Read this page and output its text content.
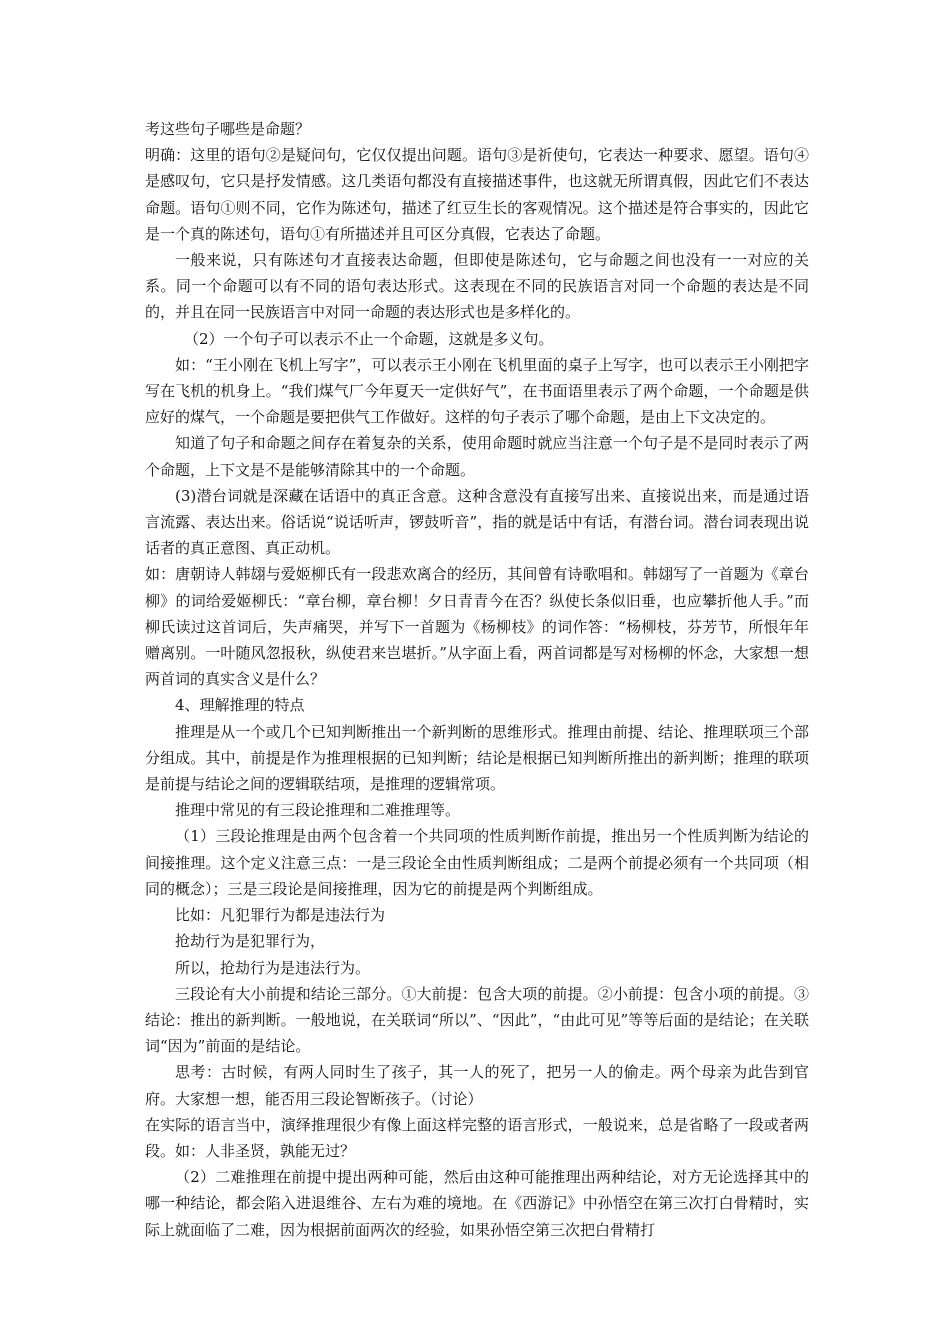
考这些句子哪些是命题？

明确：这里的语句②是疑问句，它仅仅提出问题。语句③是祈使句，它表达一种要求、愿望。语句④是感叹句，它只是抒发情感。这几类语句都没有直接描述事件，也这就无所谓真假，因此它们不表达命题。语句①则不同，它作为陈述句，描述了红豆生长的客观情况。这个描述是符合事实的，因此它是一个真的陈述句，语句①有所描述并且可区分真假，它表达了命题。

一般来说，只有陈述句才直接表达命题，但即使是陈述句，它与命题之间也没有一一对应的关系。同一个命题可以有不同的语句表达形式。这表现在不同的民族语言对同一个命题的表达是不同的，并且在同一民族语言中对同一命题的表达形式也是多样化的。

（2）一个句子可以表示不止一个命题，这就是多义句。

如：“王小刚在飞机上写字”，可以表示王小刚在飞机里面的桌子上写字，也可以表示王小刚把字写在飞机的机身上。“我们煤气厂今年夏天一定供好气”，在书面语里表示了两个命题，一个命题是供应好的煤气，一个命题是要把供气工作做好。这样的句子表示了哪个命题，是由上下文决定的。

知道了句子和命题之间存在着复杂的关系，使用命题时就应当注意一个句子是不是同时表示了两个命题，上下文是不是能够清除其中的一个命题。

(3)潜台词就是深藏在话语中的真正含意。这种含意没有直接写出来、直接说出来，而是通过语言流露、表达出来。俗话说“说话听声，锣鼓听音”，指的就是话中有话，有潜台词。潜台词表现出说话者的真正意图、真正动机。

如：唐朝诗人韩翃与爱姬柳氏有一段悲欢离合的经历，其间曾有诗歌唱和。韩翃写了一首题为《章台柳》的词给爱姬柳氏：“章台柳，章台柳！夕日青青今在否？纵使长条似旧垂，也应攀折他人手。”而柳氏读过这首词后，失声痛哭，并写下一首题为《杨柳枝》的词作答：“杨柳枝，芬芳节，所恨年年赠离别。一叶随风忽报秋，纵使君来岂堪折。”从字面上看，两首词都是写对杨柳的怀念，大家想一想两首词的真实含义是什么？

4、理解推理的特点

推理是从一个或几个已知判断推出一个新判断的思维形式。推理由前提、结论、推理联项三个部分组成。其中，前提是作为推理根据的已知判断；结论是根据已知判断所推出的新判断；推理的联项是前提与结论之间的逻辑联结项，是推理的逻辑常项。

推理中常见的有三段论推理和二难推理等。

（1）三段论推理是由两个包含着一个共同项的性质判断作前提，推出另一个性质判断为结论的间接推理。这个定义注意三点：一是三段论全由性质判断组成；二是两个前提必须有一个共同项（相同的概念）；三是三段论是间接推理，因为它的前提是两个判断组成。

比如：凡犯罪行为都是违法行为

抢劫行为是犯罪行为，

所以，抢劫行为是违法行为。

三段论有大小前提和结论三部分。①大前提：包含大项的前提。②小前提：包含小项的前提。③结论：推出的新判断。一般地说，在关联词“所以”、“因此”，“由此可见”等等后面的是结论；在关联词“因为”前面的是结论。

思考：古时候，有两人同时生了孩子，其一人的死了，把另一人的偷走。两个母亲为此告到官府。大家想一想，能否用三段论智断孩子。（讨论）

在实际的语言当中，演绎推理很少有像上面这样完整的语言形式，一般说来，总是省略了一段或者两段。如：人非圣贤，孰能无过？

（2）二难推理在前提中提出两种可能，然后由这种可能推理出两种结论，对方无论选择其中的哪一种结论，都会陷入进退维谷、左右为难的境地。在《西游记》中孙悟空在第三次打白骨精时，实际上就面临了二难，因为根据前面两次的经验，如果孙悟空第三次把白骨精打
